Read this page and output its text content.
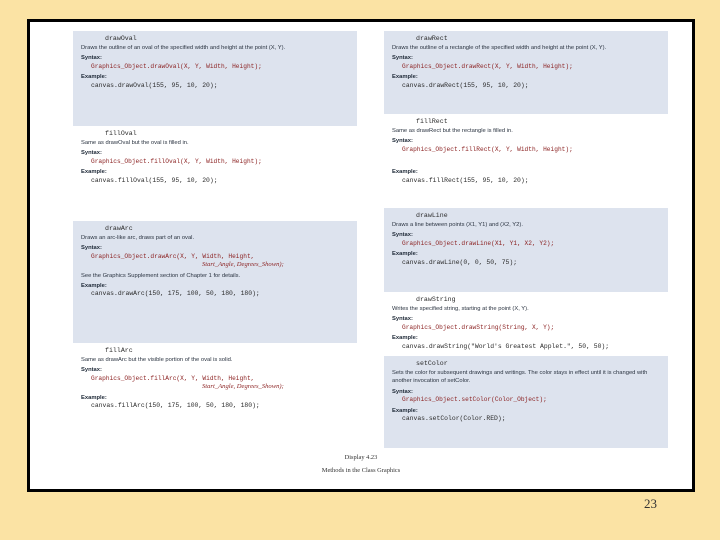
drawOval
Draws the outline of an oval of the specified width and height at the point (X, Y).
Syntax:
Graphics_Object.drawOval(X, Y, Width, Height);
Example:
canvas.drawOval(155, 95, 10, 20);
fillOval
Same as drawOval but the oval is filled in.
Syntax:
Graphics_Object.fillOval(X, Y, Width, Height);
Example:
canvas.fillOval(155, 95, 10, 20);
drawArc
Draws an arc-like arc, draws part of an oval.
Syntax:
Graphics_Object.drawArc(X, Y, Width, Height,
Start_Angle, Degrees_Shown);
See the Graphics Supplement section of Chapter 1 for details.
Example:
canvas.drawArc(150, 175, 100, 50, 180, 180);
fillArc
Same as drawArc but the visible portion of the oval is solid.
Syntax:
Graphics_Object.fillArc(X, Y, Width, Height,
Start_Angle, Degrees_Shown);
Example:
canvas.fillArc(150, 175, 100, 50, 180, 180);
drawRect
Draws the outline of a rectangle of the specified width and height at the point (X, Y).
Syntax:
Graphics_Object.drawRect(X, Y, Width, Height);
Example:
canvas.drawRect(155, 95, 10, 20);
fillRect
Same as drawRect but the rectangle is filled in.
Syntax:
Graphics_Object.fillRect(X, Y, Width, Height);
Example:
canvas.fillRect(155, 95, 10, 20);
drawLine
Draws a line between points (X1, Y1) and (X2, Y2).
Syntax:
Graphics_Object.drawLine(X1, Y1, X2, Y2);
Example:
canvas.drawLine(0, 0, 50, 75);
drawString
Writes the specified string, starting at the point (X, Y).
Syntax:
Graphics_Object.drawString(String, X, Y);
Example:
canvas.drawString("World's Greatest Applet.", 50, 50);
setColor
Sets the color for subsequent drawings and writings. The color stays in effect until it is changed with another invocation of setColor.
Syntax:
Graphics_Object.setColor(Color_Object);
Example:
canvas.setColor(Color.RED);
Display 4.23
Methods in the Class Graphics
23
